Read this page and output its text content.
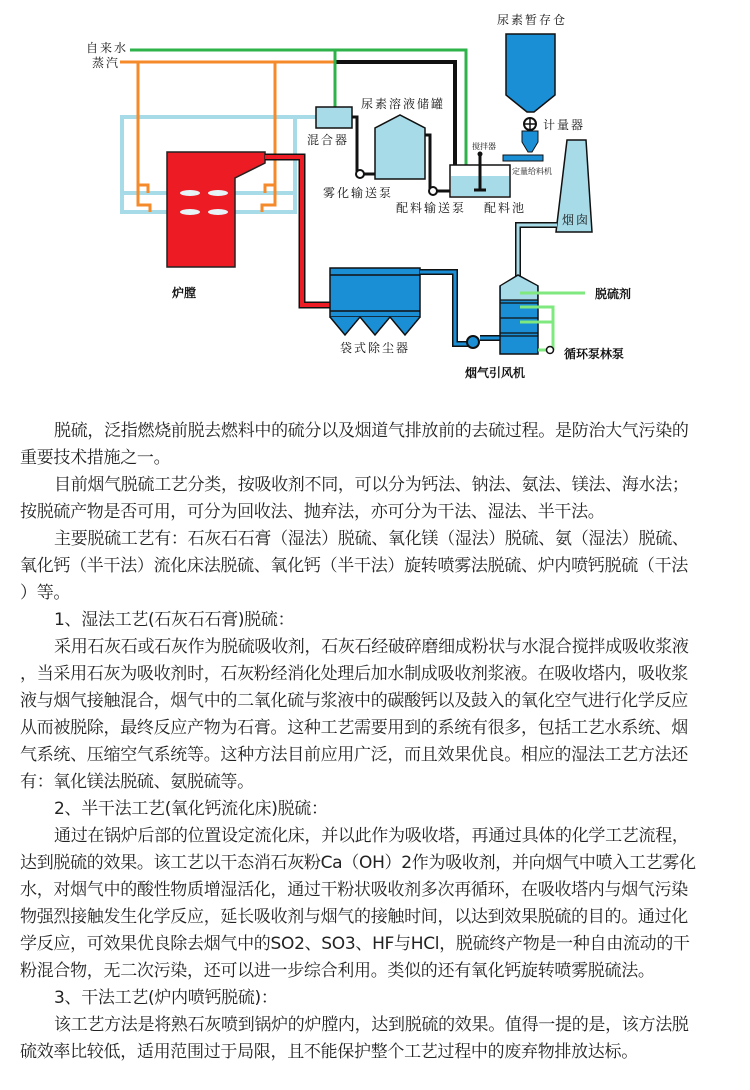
自来水
蒸汽
尿素暂存仓
尿素溶液储罐
混合器
雾化输送泵
配料输送泵 配料池
搅拌器
计量器
定量给料机
烟囱
炉膛
袋式除尘器
脱硫剂
循环泵林泵
烟气引风机
脱硫，泛指燃烧前脱去燃料中的硫分以及烟道气排放前的去硫过程。是防治大气污染的
重要技术措施之一。
目前烟气脱硫工艺分类，按吸收剂不同，可以分为钙法、钠法、氨法、镁法、海水法；
按脱硫产物是否可用，可分为回收法、抛弃法，亦可分为干法、湿法、半干法。
主要脱硫工艺有：石灰石石膏（湿法）脱硫、氧化镁（湿法）脱硫、氨（湿法）脱硫、
氧化钙（半干法）流化床法脱硫、氧化钙（半干法）旋转喷雾法脱硫、炉内喷钙脱硫（干法
）等。
1、湿法工艺(石灰石石膏)脱硫：
采用石灰石或石灰作为脱硫吸收剂，石灰石经破碎磨细成粉状与水混合搅拌成吸收浆液
，当采用石灰为吸收剂时，石灰粉经消化处理后加水制成吸收剂浆液。在吸收塔内，吸收浆
液与烟气接触混合，烟气中的二氧化硫与浆液中的碳酸钙以及鼓入的氧化空气进行化学反应
从而被脱除，最终反应产物为石膏。这种工艺需要用到的系统有很多，包括工艺水系统、烟
气系统、压缩空气系统等。这种方法目前应用广泛，而且效果优良。相应的湿法工艺方法还
有：氧化镁法脱硫、氨脱硫等。
2、半干法工艺(氧化钙流化床)脱硫：
通过在锅炉后部的位置设定流化床，并以此作为吸收塔，再通过具体的化学工艺流程，
达到脱硫的效果。该工艺以干态消石灰粉Ca（OH）2作为吸收剂，并向烟气中喷入工艺雾化
水，对烟气中的酸性物质增湿活化，通过干粉状吸收剂多次再循环，在吸收塔内与烟气污染
物强烈接触发生化学反应，延长吸收剂与烟气的接触时间，以达到效果脱硫的目的。通过化
学反应，可效果优良除去烟气中的SO2、SO3、HF与HCl，脱硫终产物是一种自由流动的干
粉混合物，无二次污染，还可以进一步综合利用。类似的还有氧化钙旋转喷雾脱硫法。
3、干法工艺(炉内喷钙脱硫)：
该工艺方法是将熟石灰喷到锅炉的炉膛内，达到脱硫的效果。值得一提的是，该方法脱
硫效率比较低，适用范围过于局限，且不能保护整个工艺过程中的废弃物排放达标。
